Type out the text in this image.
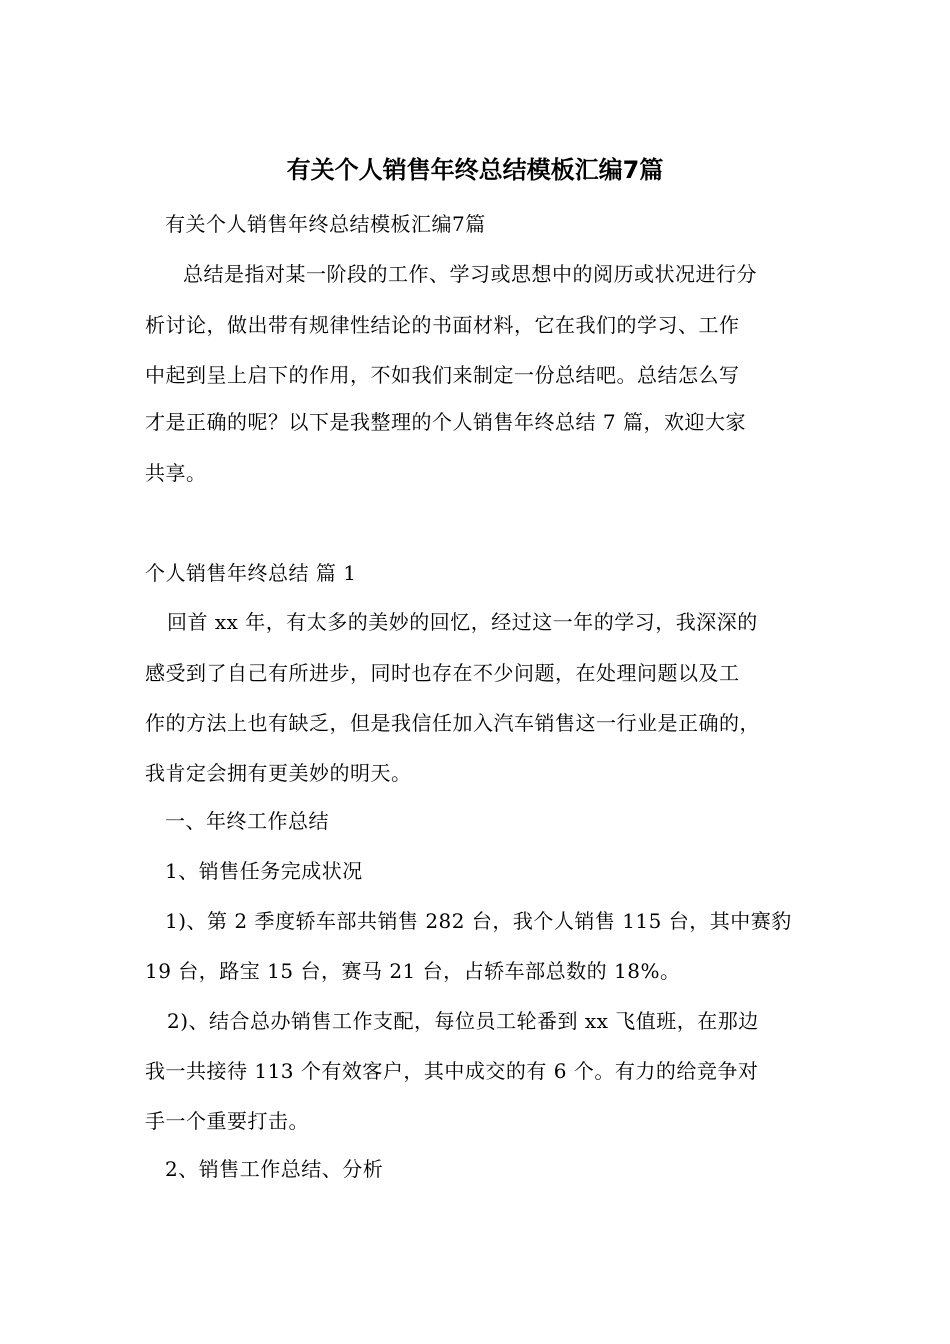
有关个人销售年终总结模板汇编7篇
有关个人销售年终总结模板汇编7篇
总结是指对某一阶段的工作、学习或思想中的阅历或状况进行分
析讨论，做出带有规律性结论的书面材料，它在我们的学习、工作
中起到呈上启下的作用，不如我们来制定一份总结吧。总结怎么写
才是正确的呢？以下是我整理的个人销售年终总结 7 篇，欢迎大家
共享。
个人销售年终总结 篇 1
回首 xx 年，有太多的美妙的回忆，经过这一年的学习，我深深的
感受到了自己有所进步，同时也存在不少问题，在处理问题以及工
作的方法上也有缺乏，但是我信任加入汽车销售这一行业是正确的，
我肯定会拥有更美妙的明天。
一、年终工作总结
1、销售任务完成状况
1)、第 2 季度轿车部共销售 282 台，我个人销售 115 台，其中赛豹
19 台，路宝 15 台，赛马 21 台，占轿车部总数的 18%。
2)、结合总办销售工作支配，每位员工轮番到 xx 飞值班，在那边
我一共接待 113 个有效客户，其中成交的有 6 个。有力的给竞争对
手一个重要打击。
2、销售工作总结、分析
